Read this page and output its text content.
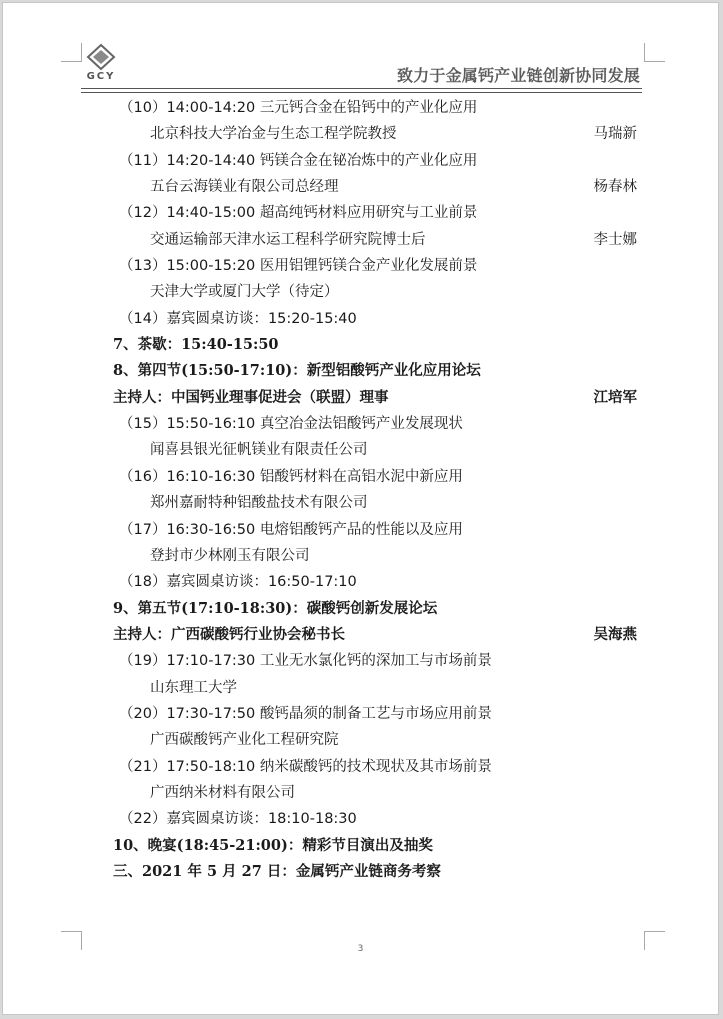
GCY	致力于金属钙产业链创新协同发展
（10）14:00-14:20 三元钙合金在铅钙中的产业化应用
北京科技大学冶金与生态工程学院教授	马瑞新
（11）14:20-14:40 钙镁合金在铋冶炼中的产业化应用
五台云海镁业有限公司总经理	杨春林
（12）14:40-15:00 超高纯钙材料应用研究与工业前景
交通运输部天津水运工程科学研究院博士后	李士娜
（13）15:00-15:20 医用铝锂钙镁合金产业化发展前景
天津大学或厦门大学（待定）
（14）嘉宾圆桌访谈：15:20-15:40
7、茶歇：15:40-15:50
8、第四节(15:50-17:10)：新型铝酸钙产业化应用论坛
主持人：中国钙业理事促进会（联盟）理事	江培军
（15）15:50-16:10 真空冶金法铝酸钙产业发展现状
闻喜县银光征帆镁业有限责任公司
（16）16:10-16:30 铝酸钙材料在高铝水泥中新应用
郑州嘉耐特种铝酸盐技术有限公司
（17）16:30-16:50 电熔铝酸钙产品的性能以及应用
登封市少林刚玉有限公司
（18）嘉宾圆桌访谈：16:50-17:10
9、第五节(17:10-18:30)：碳酸钙创新发展论坛
主持人：广西碳酸钙行业协会秘书长	吴海燕
（19）17:10-17:30 工业无水氯化钙的深加工与市场前景
山东理工大学
（20）17:30-17:50 酸钙晶须的制备工艺与市场应用前景
广西碳酸钙产业化工程研究院
（21）17:50-18:10 纳米碳酸钙的技术现状及其市场前景
广西纳米材料有限公司
（22）嘉宾圆桌访谈：18:10-18:30
10、晚宴(18:45-21:00)：精彩节目演出及抽奖
三、2021 年 5 月 27 日：金属钙产业链商务考察
3
